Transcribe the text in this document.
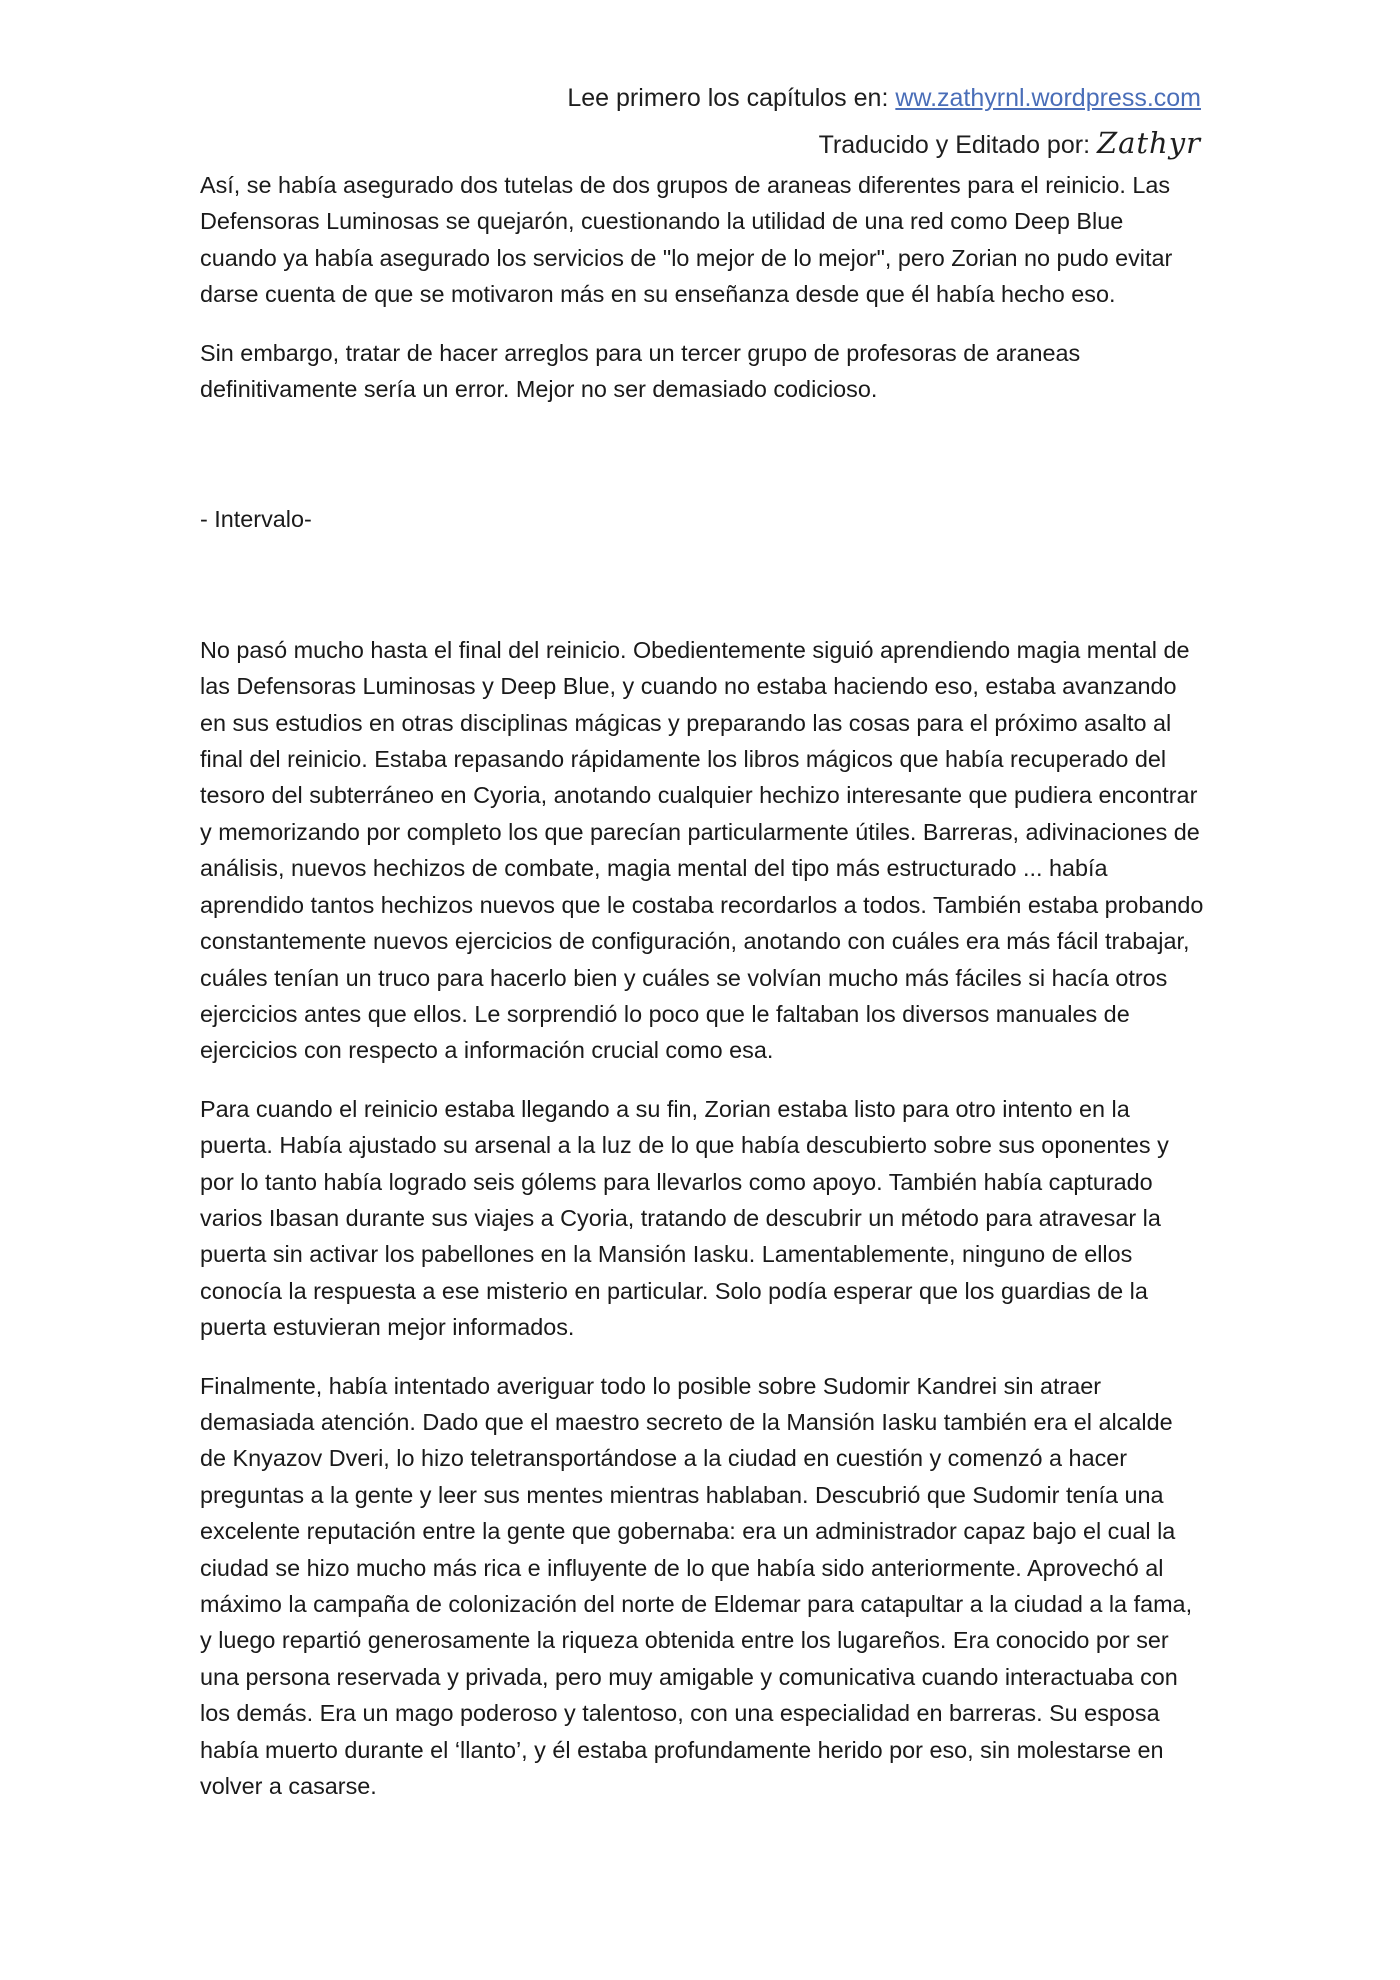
Lee primero los capítulos en: ww.zathyrnl.wordpress.com
Traducido y Editado por: Zathyr

Así, se había asegurado dos tutelas de dos grupos de araneas diferentes para el reinicio. Las Defensoras Luminosas se quejarón, cuestionando la utilidad de una red como Deep Blue cuando ya había asegurado los servicios de "lo mejor de lo mejor", pero Zorian no pudo evitar darse cuenta de que se motivaron más en su enseñanza desde que él había hecho eso.

Sin embargo, tratar de hacer arreglos para un tercer grupo de profesoras de araneas definitivamente sería un error. Mejor no ser demasiado codicioso.

- Intervalo-

No pasó mucho hasta el final del reinicio. Obedientemente siguió aprendiendo magia mental de las Defensoras Luminosas y Deep Blue, y cuando no estaba haciendo eso, estaba avanzando en sus estudios en otras disciplinas mágicas y preparando las cosas para el próximo asalto al final del reinicio. Estaba repasando rápidamente los libros mágicos que había recuperado del tesoro del subterráneo en Cyoria, anotando cualquier hechizo interesante que pudiera encontrar y memorizando por completo los que parecían particularmente útiles. Barreras, adivinaciones de análisis, nuevos hechizos de combate, magia mental del tipo más estructurado ... había aprendido tantos hechizos nuevos que le costaba recordarlos a todos. También estaba probando constantemente nuevos ejercicios de configuración, anotando con cuáles era más fácil trabajar, cuáles tenían un truco para hacerlo bien y cuáles se volvían mucho más fáciles si hacía otros ejercicios antes que ellos. Le sorprendió lo poco que le faltaban los diversos manuales de ejercicios con respecto a información crucial como esa.

Para cuando el reinicio estaba llegando a su fin, Zorian estaba listo para otro intento en la puerta. Había ajustado su arsenal a la luz de lo que había descubierto sobre sus oponentes y por lo tanto había logrado seis gólems para llevarlos como apoyo. También había capturado varios Ibasan durante sus viajes a Cyoria, tratando de descubrir un método para atravesar la puerta sin activar los pabellones en la Mansión Iasku. Lamentablemente, ninguno de ellos conocía la respuesta a ese misterio en particular. Solo podía esperar que los guardias de la puerta estuvieran mejor informados.

Finalmente, había intentado averiguar todo lo posible sobre Sudomir Kandrei sin atraer demasiada atención. Dado que el maestro secreto de la Mansión Iasku también era el alcalde de Knyazov Dveri, lo hizo teletransportándose a la ciudad en cuestión y comenzó a hacer preguntas a la gente y leer sus mentes mientras hablaban. Descubrió que Sudomir tenía una excelente reputación entre la gente que gobernaba: era un administrador capaz bajo el cual la ciudad se hizo mucho más rica e influyente de lo que había sido anteriormente. Aprovechó al máximo la campaña de colonización del norte de Eldemar para catapultar a la ciudad a la fama, y luego repartió generosamente la riqueza obtenida entre los lugareños. Era conocido por ser una persona reservada y privada, pero muy amigable y comunicativa cuando interactuaba con los demás. Era un mago poderoso y talentoso, con una especialidad en barreras. Su esposa había muerto durante el ‘llanto’, y él estaba profundamente herido por eso, sin molestarse en volver a casarse.
